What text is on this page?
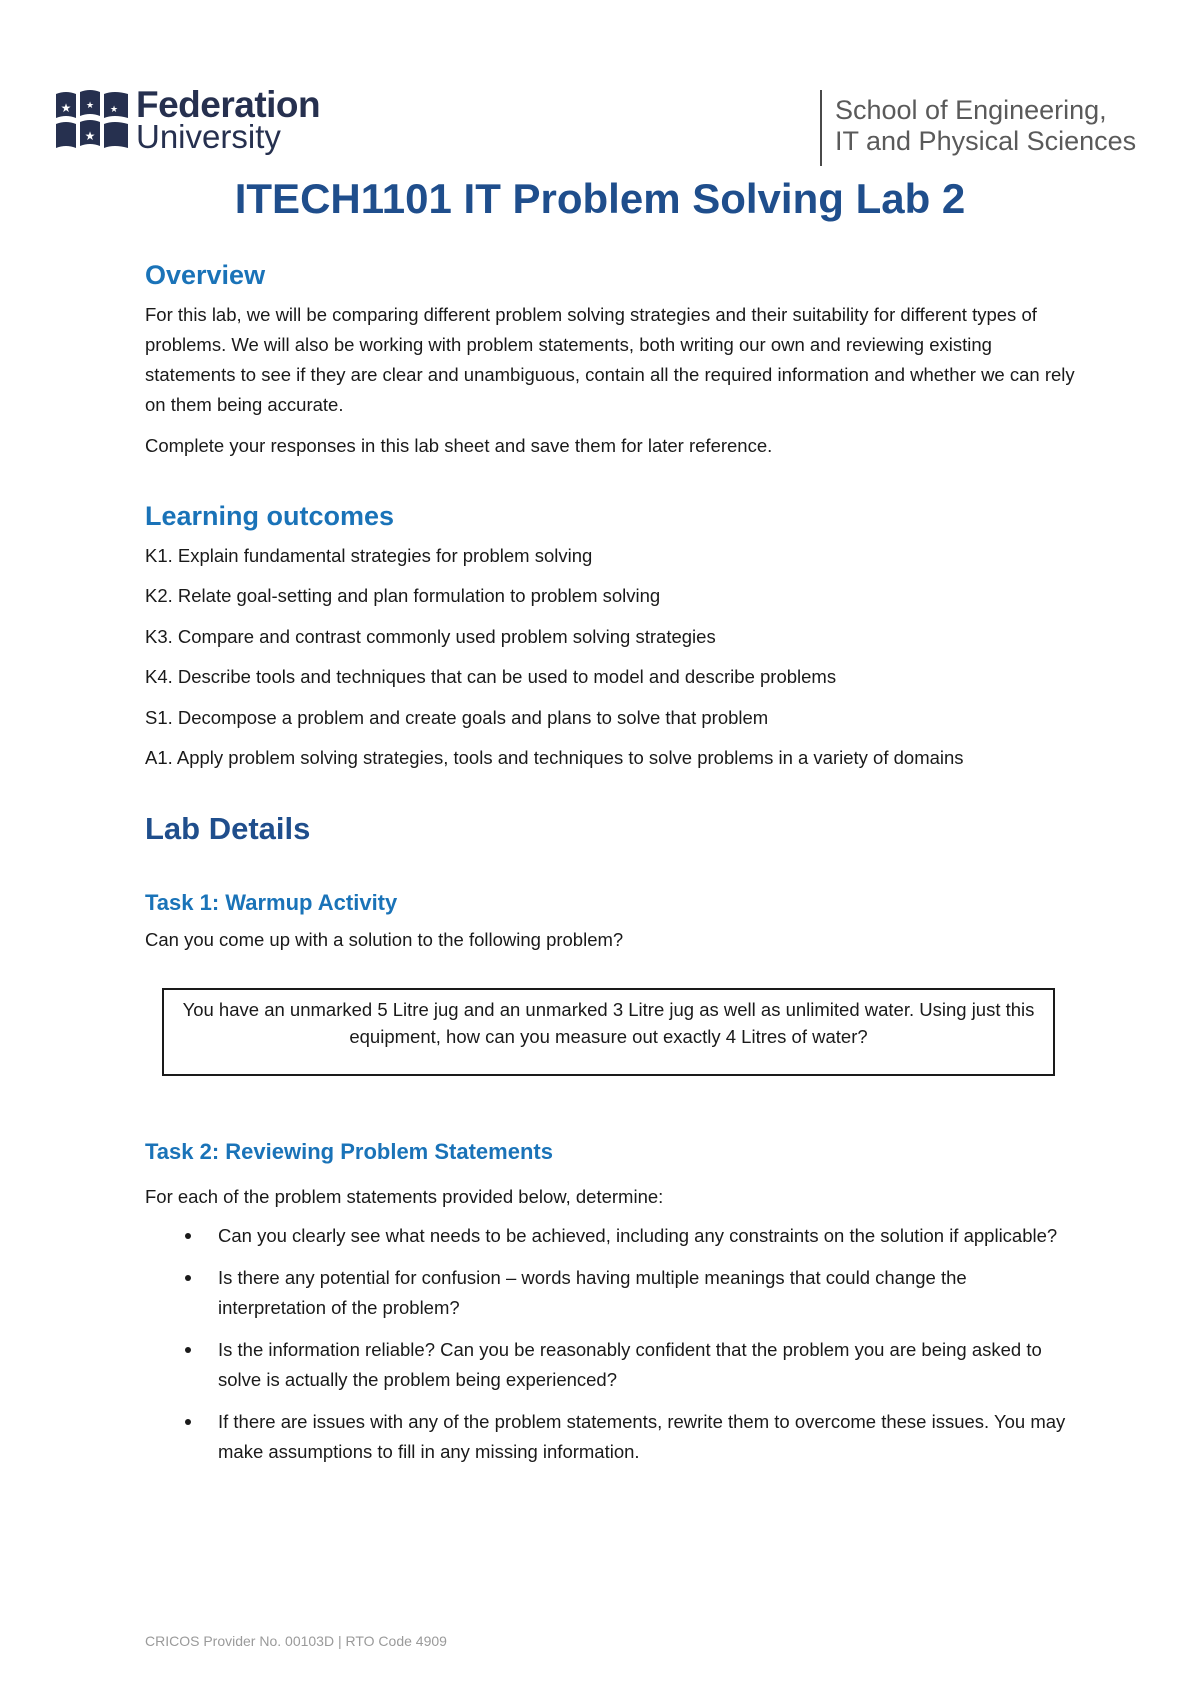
★ ★
★
★ Federation
University
School of Engineering,
IT and Physical Sciences
ITECH1101 IT Problem Solving Lab 2
Overview

For this lab, we will be comparing different problem solving strategies and their suitability for different types of problems. We will also be working with problem statements, both writing our own and reviewing existing statements to see if they are clear and unambiguous, contain all the required information and whether we can rely on them being accurate.

Complete your responses in this lab sheet and save them for later reference.

Learning outcomes
K1. Explain fundamental strategies for problem solving
K2. Relate goal-setting and plan formulation to problem solving
K3. Compare and contrast commonly used problem solving strategies
K4. Describe tools and techniques that can be used to model and describe problems
S1. Decompose a problem and create goals and plans to solve that problem
A1. Apply problem solving strategies, tools and techniques to solve problems in a variety of domains
Lab Details
Task 1: Warmup Activity

Can you come up with a solution to the following problem?

Task 2: Reviewing Problem Statements

For each of the problem statements provided below, determine:

You have an unmarked 5 Litre jug and an unmarked 3 Litre jug as well as unlimited water. Using just this equipment, how can you measure out exactly 4 Litres of water?
Can you clearly see what needs to be achieved, including any constraints on the solution if applicable?
Is there any potential for confusion – words having multiple meanings that could change the interpretation of the problem?
Is the information reliable? Can you be reasonably confident that the problem you are being asked to solve is actually the problem being experienced?
If there are issues with any of the problem statements, rewrite them to overcome these issues. You may make assumptions to fill in any missing information.
CRICOS Provider No. 00103D | RTO Code 4909
